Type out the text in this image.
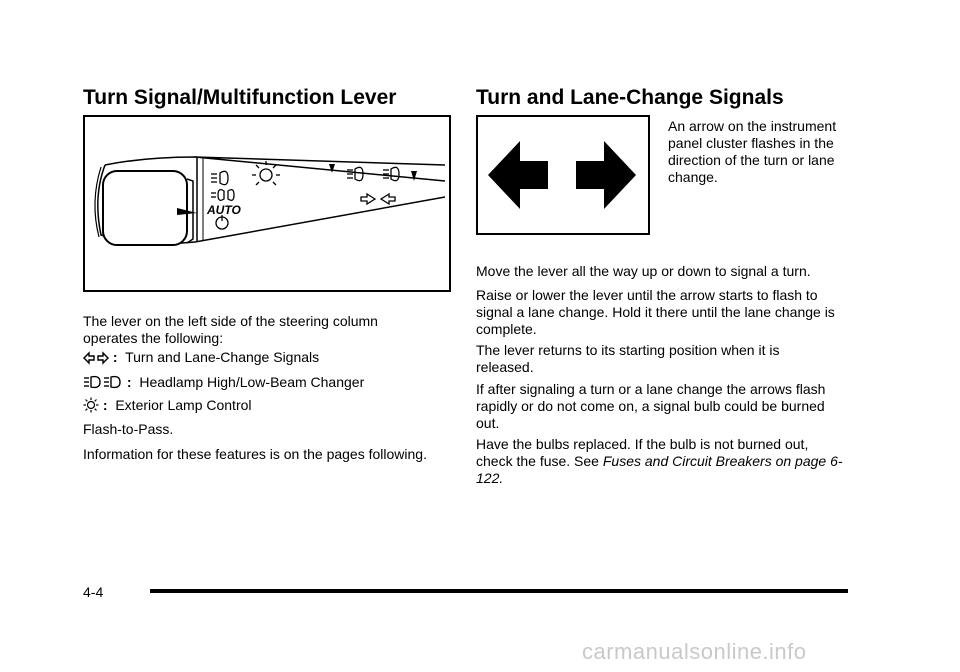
Turn Signal/Multifunction Lever
AUTO

The lever on the left side of the steering column operates the following:

:  Turn and Lane-Change Signals
:  Headlamp High/Low-Beam Changer
:  Exterior Lamp Control

Flash-to-Pass.

Information for these features is on the pages following.

Turn and Lane-Change Signals

An arrow on the instrument panel cluster flashes in the direction of the turn or lane change.

Move the lever all the way up or down to signal a turn.

Raise or lower the lever until the arrow starts to flash to signal a lane change. Hold it there until the lane change is complete.

The lever returns to its starting position when it is released.

If after signaling a turn or a lane change the arrows flash rapidly or do not come on, a signal bulb could be burned out.

Have the bulbs replaced. If the bulb is not burned out, check the fuse. See Fuses and Circuit Breakers on page 6-122.

4-4
carmanualsonline.info
